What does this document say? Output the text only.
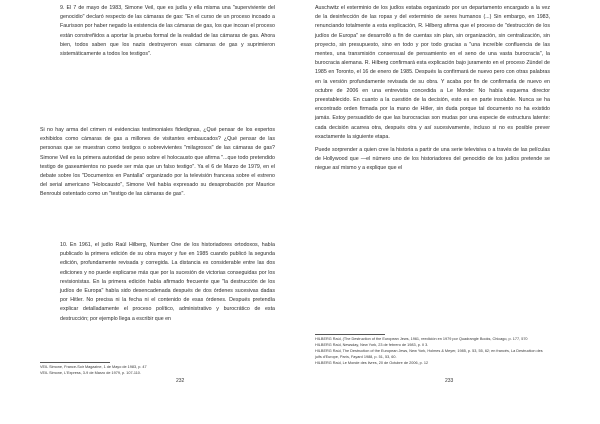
9. El 7 de mayo de 1983, Simone Veil, que es judía y ella misma una "superviviente del genocidio" declaró respecto de las cámaras de gas: "En el curso de un proceso incoado a Faurisson por haber negado la existencia de las cámaras de gas, los que incoan el proceso están constreñidos a aportar la prueba formal de la realidad de las cámaras de gas. Ahora bien, todos saben que los nazis destruyeron esas cámaras de gas y suprimieron sistemáticamente a todos los testigos".

Si no hay arma del crimen ni evidencias testimoniales fidedignas, ¿Qué pensar de los expertos exhibidos como cámaras de gas a millones de visitantes embaucados? ¿Qué pensar de las personas que se muestran como testigos o sobrevivientes "milagrosos" de las cámaras de gas? Simone Veil es la primera autoridad de peso sobre el holocausto que afirma "...que todo pretendido testigo de gaseamientos no puede ser más que un falso testigo". Ya el 6 de Marzo de 1979, en el debate sobre los "Documentos en Pantalla" organizado por la televisión francesa sobre el estreno del serial americano "Holocausto", Simone Veil había expresado su desaprobación por Maurice Benroubi ostentado como un "testigo de las cámaras de gas".

10. En 1961, el judío Raúl Hilberg, Number One de los historiadores ortodoxos, había publicado la primera edición de su obra mayor y fue en 1985 cuando publicó la segunda edición, profundamente revisada y corregida. La distancia es considerable entre las dos ediciones y no puede explicarse más que por la sucesión de victorias conseguidas por los revisionistas. En la primera edición había afirmado frecuente que "la destrucción de los judíos de Europa" había sido desencadenada después de dos órdenes sucesivas dadas por Hitler. No precisa ni la fecha ni el contenido de esas órdenes. Después pretendía explicar detalladamente el proceso político, administrativo y burocrático de esta destrucción; por ejemplo llega a escribir que en

VEIL Simone, France-Soir Magazine, 1 de Mayo de 1983, p. 47
VEIL Simone, L'Express, 3-9 de Marzo de 1979, p. 107-110.
232

Auschwitz el exterminio de los judíos estaba organizado por un departamento encargado a la vez de la desinfección de las ropas y del exterminio de seres humanos (...) Sin embargo, en 1983, renunciando totalmente a esta explicación, R. Hilberg afirma que el proceso de "destrucción de los judíos de Europa" se desarrolló a fin de cuentas sin plan, sin organización, sin centralización, sin proyecto, sin presupuesto, sino en todo y por todo gracias a "una increíble confluencia de las mentes, una transmisión consensual de pensamiento en el seno de una vasta burocracia", la burocracia alemana. R. Hilberg confirmará esta explicación bajo juramento en el proceso Zündel de 1985 en Toronto, el 16 de enero de 1985. Después la confirmará de nuevo pero con otras palabras en la versión profundamente revisada de su obra. Y acaba por fin de confirmarla de nuevo en octubre de 2006 en una entrevista concedida a Le Monde: No había esquema director preestablecido. En cuanto a la cuestión de la decisión, esto es en parte insoluble. Nunca se ha encontrado orden firmada por la mano de Hitler, sin duda porque tal documento no ha existido jamás. Estoy persuadido de que las burocracias son mudas por una especie de estructura latente: cada decisión acarrea otra, después otra y así sucesivamente, incluso si no es posible prever exactamente la siguiente etapa.

Puede sorprender a quien cree la historia a partir de una serie televisiva o a través de las películas de Hollywood que —el número uno de los historiadores del genocidio de los judíos pretende se niegue así mismo y a explique que el

HILBERG Raúl, (The Destruction of the European Jews, 1961, reedición en 1979 por Quadrangle Books, Chicago, p. 177, 570
HILBERG Raúl, Newsday, New York, 23 de febrero de 1983, p. II 3.
HILBERG Raúl, The Destruction of the European Jews, New York, Holmes & Meyer, 1985, p. 53, 55, 62; en francés, La Destruction des juifs d'Europe, París, Fayard 1988, p. 51, 53, 60.
HILBERG Raúl, Le Monde des livres, 20 de Octubre de 2006, p. 12
233
